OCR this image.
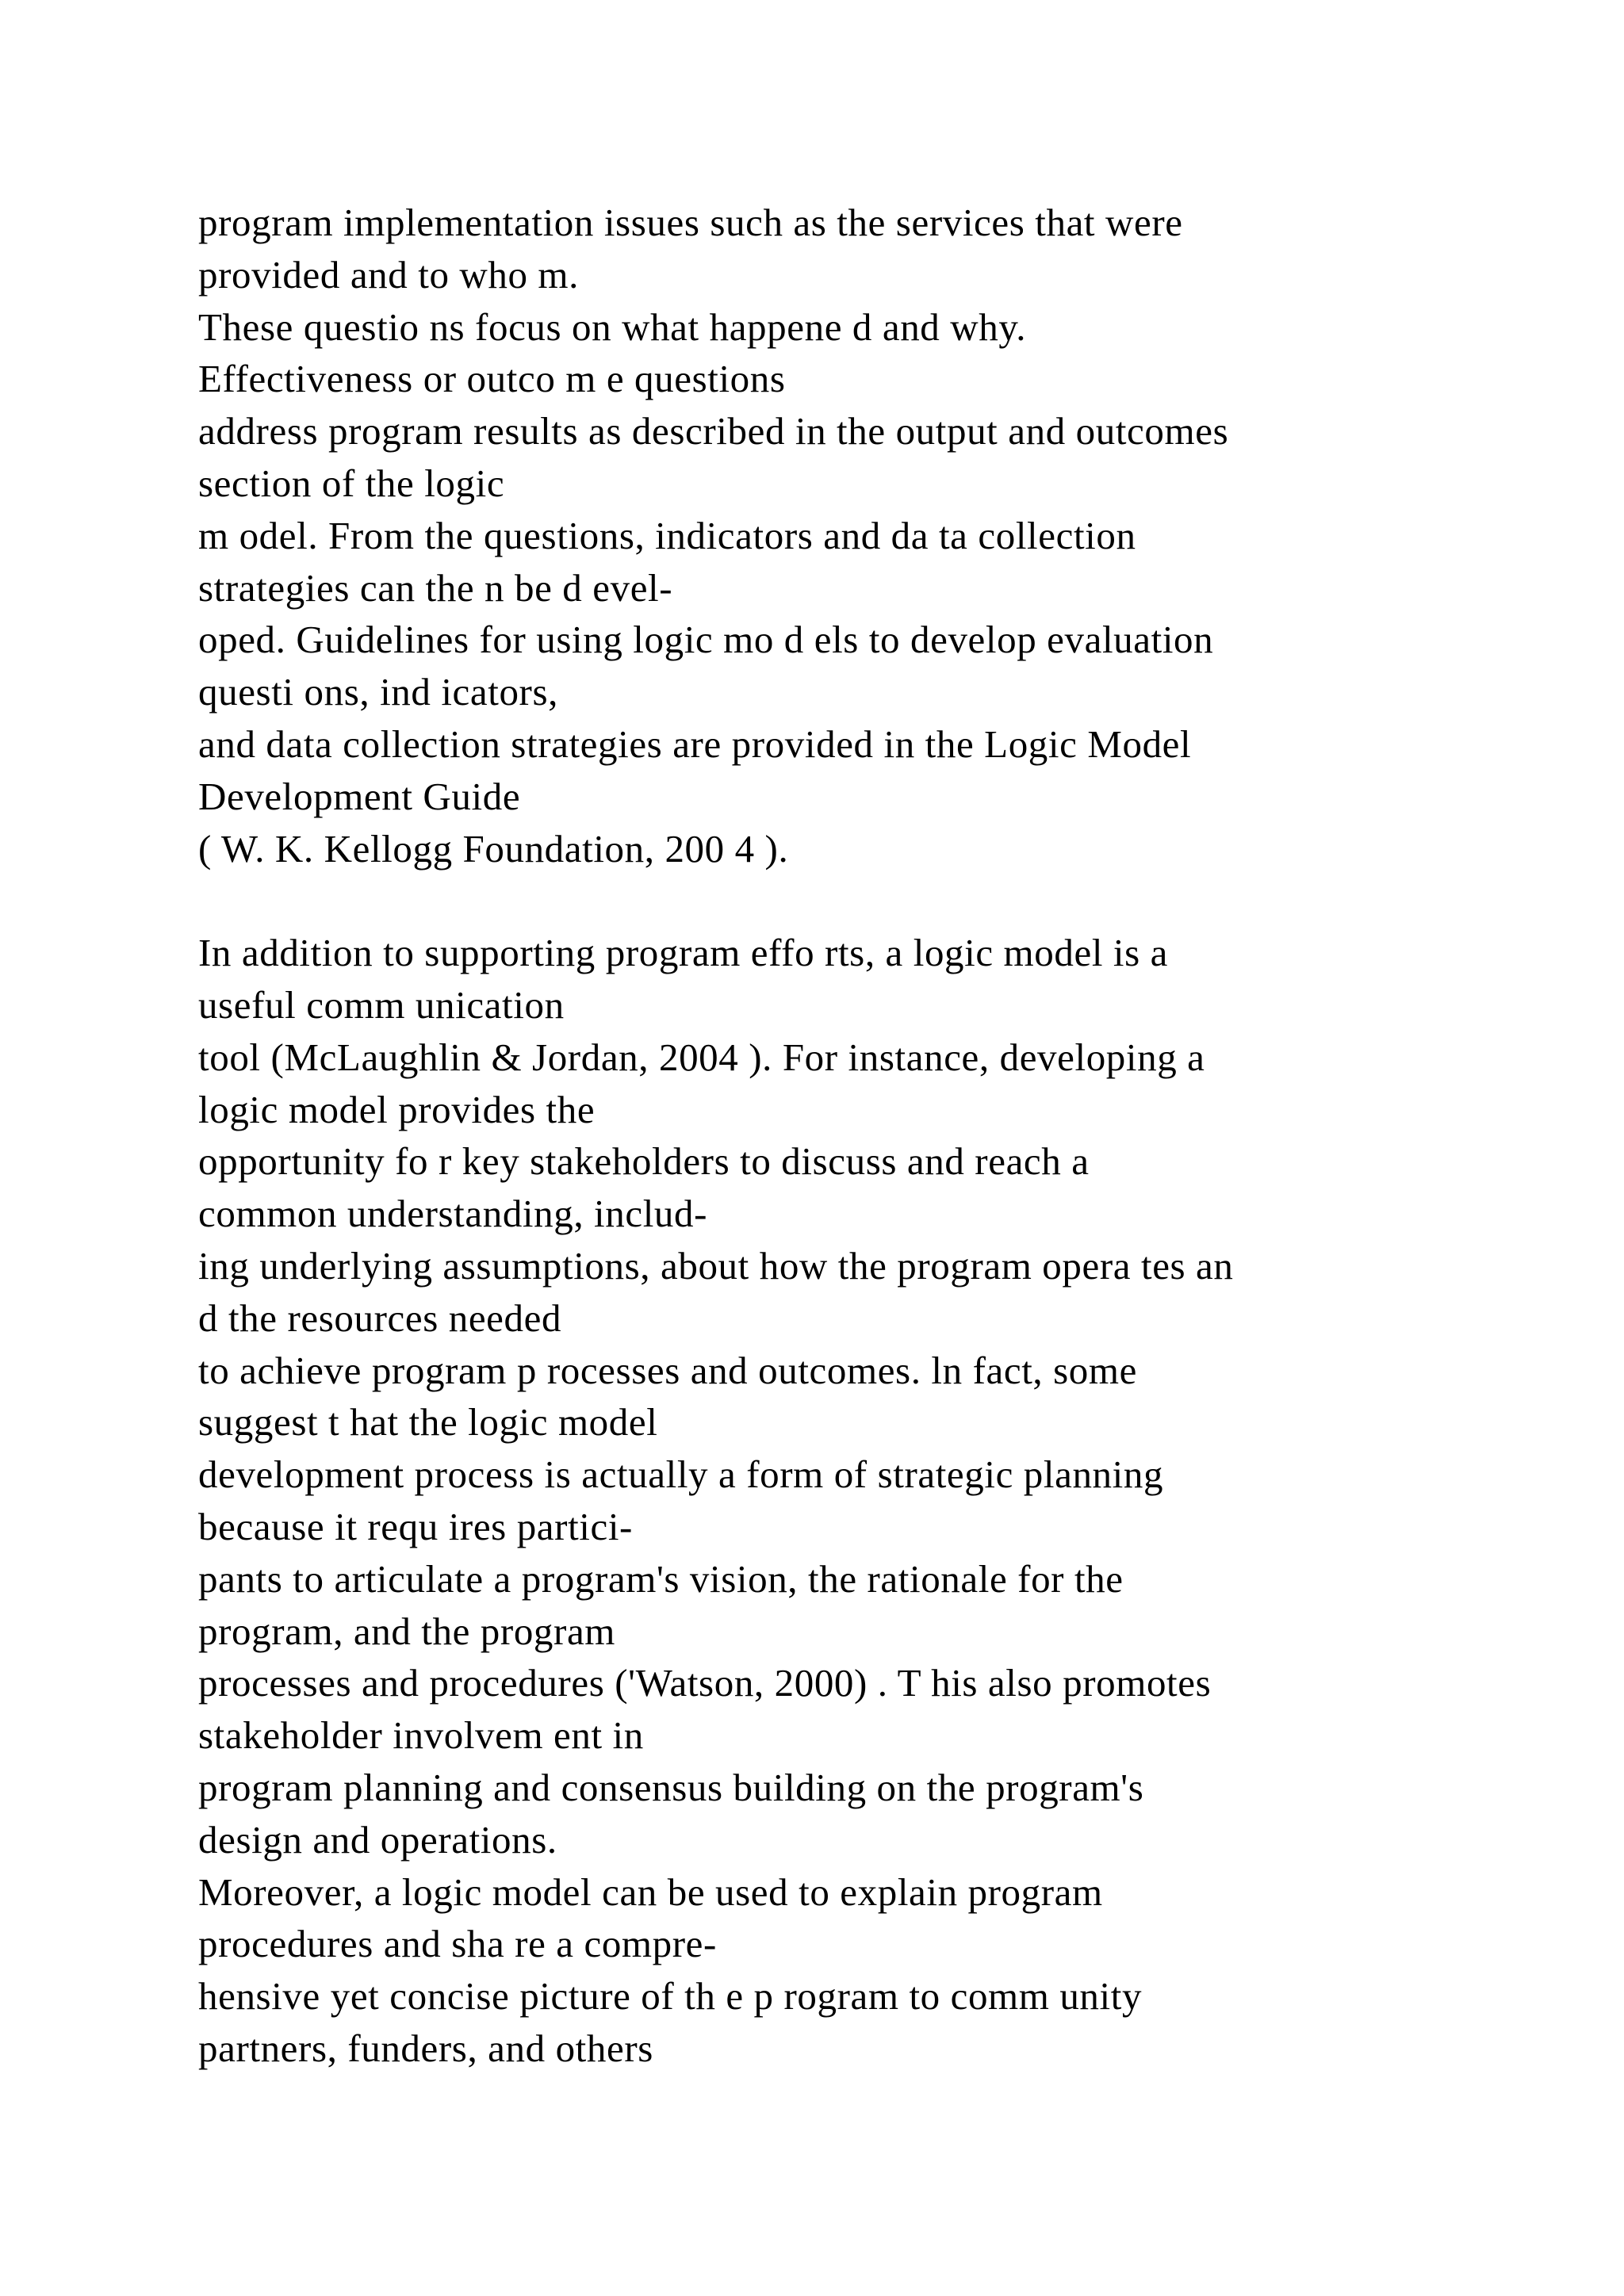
program implementation issues such as the services that were
provided and to who m.
These questio ns focus on what happene d and why.
Effectiveness or outco m e questions
address program results as described in the output and outcomes
section of the logic
m odel. From the questions, indicators and da ta collection
strategies can the n be d evel-
oped. Guidelines for using logic mo d els to develop evaluation
questi ons, ind icators,
and data collection strategies are provided in the Logic Model
Development Guide
( W. K. Kellogg Foundation, 200 4 ).
In addition to supporting program effo rts, a logic model is a
useful comm unication
tool (McLaughlin & Jordan, 2004 ). For instance, developing a
logic model provides the
opportunity fo r key stakeholders to discuss and reach a
common understanding, includ-
ing underlying assumptions, about how the program opera tes an
d the resources needed
to achieve program p rocesses and outcomes. ln fact, some
suggest t hat the logic model
development process is actually a form of strategic planning
because it requ ires partici-
pants to articulate a program's vision, the rationale for the
program, and the program
processes and procedures ('Watson, 2000) . T his also promotes
stakeholder involvem ent in
program planning and consensus building on the program's
design and operations.
Moreover, a logic model can be used to explain program
procedures and sha re a compre-
hensive yet concise picture of th e p rogram to comm unity
partners, funders, and others
